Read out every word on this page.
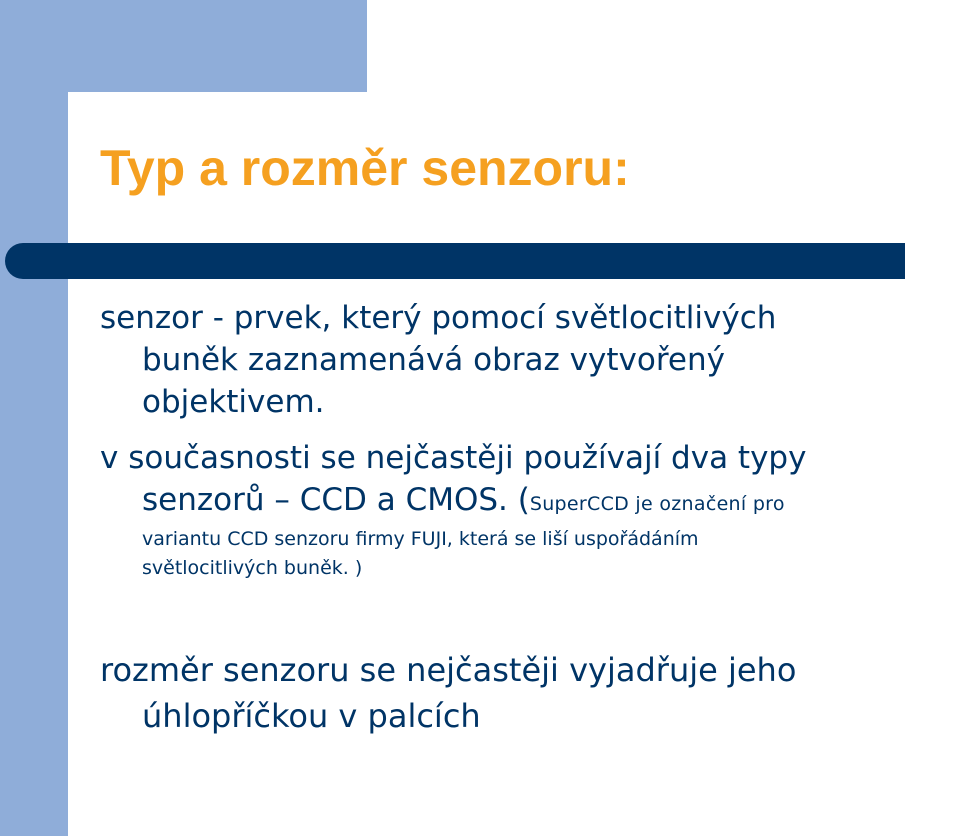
Typ a rozměr senzoru:

senzor - prvek, který pomocí světlocitlivých
buněk zaznamenává obraz vytvořený
objektivem.

v současnosti se nejčastěji používají dva typy
senzorů – CCD a CMOS. (SuperCCD je označení pro
variantu CCD senzoru firmy FUJI, která se liší uspořádáním
světlocitlivých buněk. )

rozměr senzoru se nejčastěji vyjadřuje jeho
úhlopříčkou v palcích
